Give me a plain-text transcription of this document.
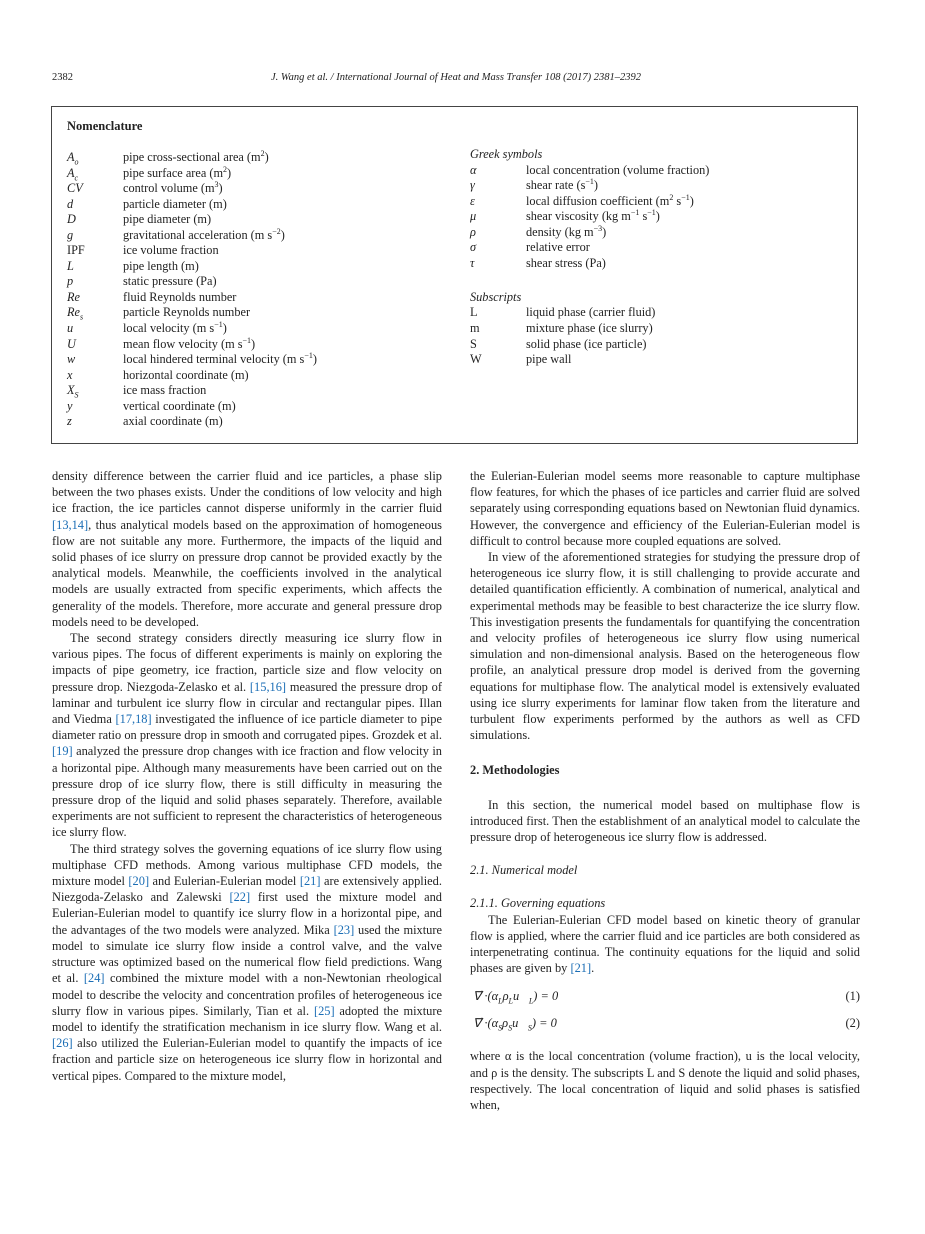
2382	J. Wang et al. / International Journal of Heat and Mass Transfer 108 (2017) 2381–2392
Nomenclature
$A_o$	pipe cross-sectional area $(m^2)$
$A_c$	pipe surface area $(m^2)$
CV	control volume $(m^3)$
d	particle diameter (m)
D	pipe diameter (m)
g	gravitational acceleration (m $s^{-2}$)
IPF	ice volume fraction
L	pipe length (m)
p	static pressure (Pa)
Re	fluid Reynolds number
$Re_s$	particle Reynolds number
u	local velocity (m $s^{-1}$)
U	mean flow velocity (m $s^{-1}$)
w	local hindered terminal velocity (m $s^{-1}$)
x	horizontal coordinate (m)
$X_S$	ice mass fraction
y	vertical coordinate (m)
z	axial coordinate (m)
Greek symbols
α	local concentration (volume fraction)
γ	shear rate $(s^{-1})$
ε	local diffusion coefficient ($m^2$ $s^{-1}$)
μ	shear viscosity (kg $m^{-1}$ $s^{-1}$)
ρ	density (kg $m^{-3}$)
σ	relative error
τ	shear stress (Pa)
Subscripts
L	liquid phase (carrier fluid)
m	mixture phase (ice slurry)
S	solid phase (ice particle)
W	pipe wall

density difference between the carrier fluid and ice particles, a phase slip between the two phases exists. Under the conditions of low velocity and high ice fraction, the ice particles cannot disperse uniformly in the carrier fluid [13,14], thus analytical models based on the approximation of homogeneous flow are not suitable any more. Furthermore, the impacts of the liquid and solid phases of ice slurry on pressure drop cannot be provided exactly by the analytical models. Meanwhile, the coefficients involved in the analytical models are usually extracted from specific experiments, which affects the generality of the models. Therefore, more accurate and general pressure drop models need to be developed.

The second strategy considers directly measuring ice slurry flow in various pipes. The focus of different experiments is mainly on exploring the impacts of pipe geometry, ice fraction, particle size and flow velocity on pressure drop. Niezgoda-Zelasko et al. [15,16] measured the pressure drop of laminar and turbulent ice slurry flow in circular and rectangular pipes. Illan and Viedma [17,18] investigated the influence of ice particle diameter to pipe diameter ratio on pressure drop in smooth and corrugated pipes. Grozdek et al. [19] analyzed the pressure drop changes with ice fraction and flow velocity in a horizontal pipe. Although many measurements have been carried out on the pressure drop of ice slurry flow, there is still difficulty in measuring the pressure drop of the liquid and solid phases separately. Therefore, available experiments are not sufficient to represent the characteristics of heterogeneous ice slurry flow.

The third strategy solves the governing equations of ice slurry flow using multiphase CFD methods. Among various multiphase CFD models, the mixture model [20] and Eulerian-Eulerian model [21] are extensively applied. Niezgoda-Zelasko and Zalewski [22] first used the mixture model and Eulerian-Eulerian model to quantify ice slurry flow in a horizontal pipe, and the advantages of the two models were analyzed. Mika [23] used the mixture model to simulate ice slurry flow inside a control valve, and the valve structure was optimized based on the numerical flow field predictions. Wang et al. [24] combined the mixture model with a non-Newtonian rheological model to describe the velocity and concentration profiles of heterogeneous ice slurry flow in various pipes. Similarly, Tian et al. [25] adopted the mixture model to identify the stratification mechanism in ice slurry flow. Wang et al. [26] also utilized the Eulerian-Eulerian model to quantify the impacts of ice fraction and particle size on heterogeneous ice slurry flow in horizontal and vertical pipes. Compared to the mixture model,

the Eulerian-Eulerian model seems more reasonable to capture multiphase flow features, for which the phases of ice particles and carrier fluid are solved separately using corresponding equations based on Newtonian fluid dynamics. However, the convergence and efficiency of the Eulerian-Eulerian model is difficult to control because more coupled equations are solved.

In view of the aforementioned strategies for studying the pressure drop of heterogeneous ice slurry flow, it is still challenging to provide accurate and detailed quantification efficiently. A combination of numerical, analytical and experimental methods may be feasible to best characterize the ice slurry flow. This investigation presents the fundamentals for quantifying the concentration and velocity profiles of heterogeneous ice slurry flow using numerical simulation and non-dimensional analysis. Based on the heterogeneous flow profile, an analytical pressure drop model is derived from the governing equations for multiphase flow. The analytical model is extensively evaluated using ice slurry experiments for laminar flow taken from the literature and turbulent flow experiments performed by the authors as well as CFD simulations.

2. Methodologies

In this section, the numerical model based on multiphase flow is introduced first. Then the establishment of an analytical model to calculate the pressure drop of heterogeneous ice slurry flow is addressed.

2.1. Numerical model
2.1.1. Governing equations

The Eulerian-Eulerian CFD model based on kinetic theory of granular flow is applied, where the carrier fluid and ice particles are both considered as interpenetrating continua. The continuity equations for the liquid and solid phases are given by [21].

∇⃗ $\cdot(\alpha_L\rho_Lu⃗_L) = 0$	(1)
∇⃗ $\cdot(\alpha_S\rho_Su⃗_S) = 0$	(2)

where α is the local concentration (volume fraction), u is the local velocity, and ρ is the density. The subscripts L and S denote the liquid and solid phases, respectively. The local concentration of liquid and solid phases is satisfied when,
